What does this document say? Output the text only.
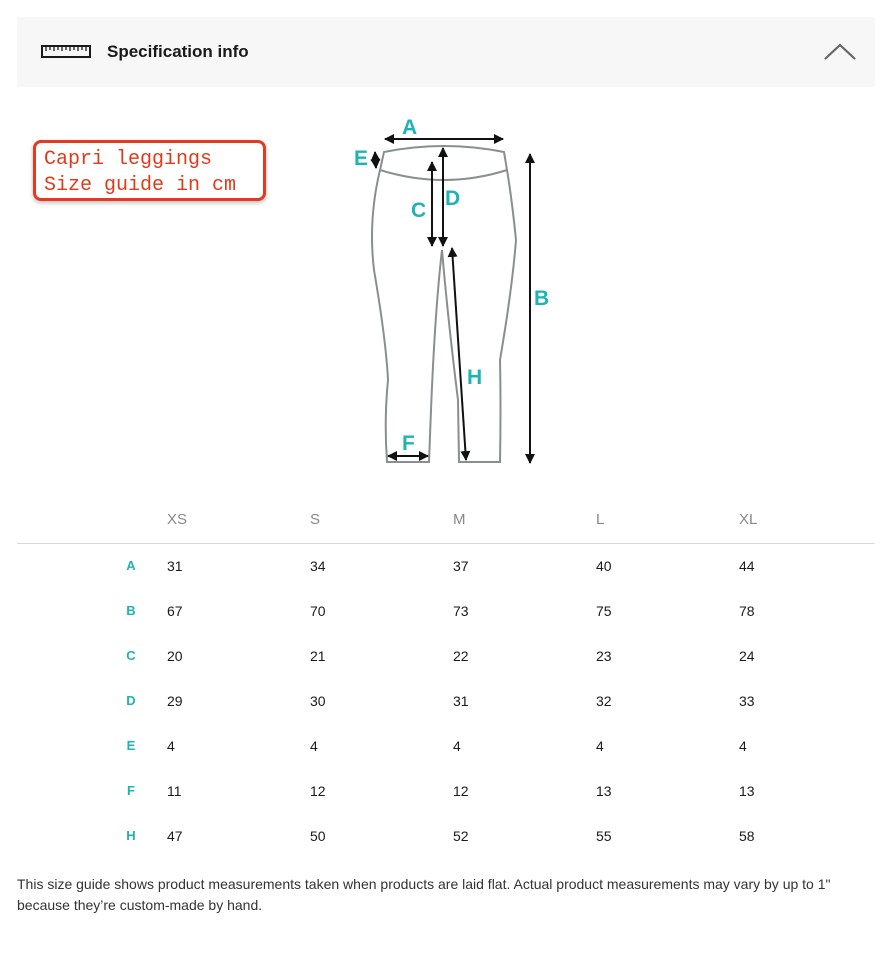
Specification info
Capri leggings
Size guide in cm
A
B
C
D
E
F
H
XS	S	M	L	XL
A 31	34	37	40	44
B 67	70	73	75	78
C 20	21	22	23	24
D 29	30	31	32	33
E 4	4	4	4	4
F 11	12	12	13	13
H 47	50	52	55	58
This size guide shows product measurements taken when products are laid flat. Actual product measurements may vary by up to 1" because they’re custom-made by hand.
